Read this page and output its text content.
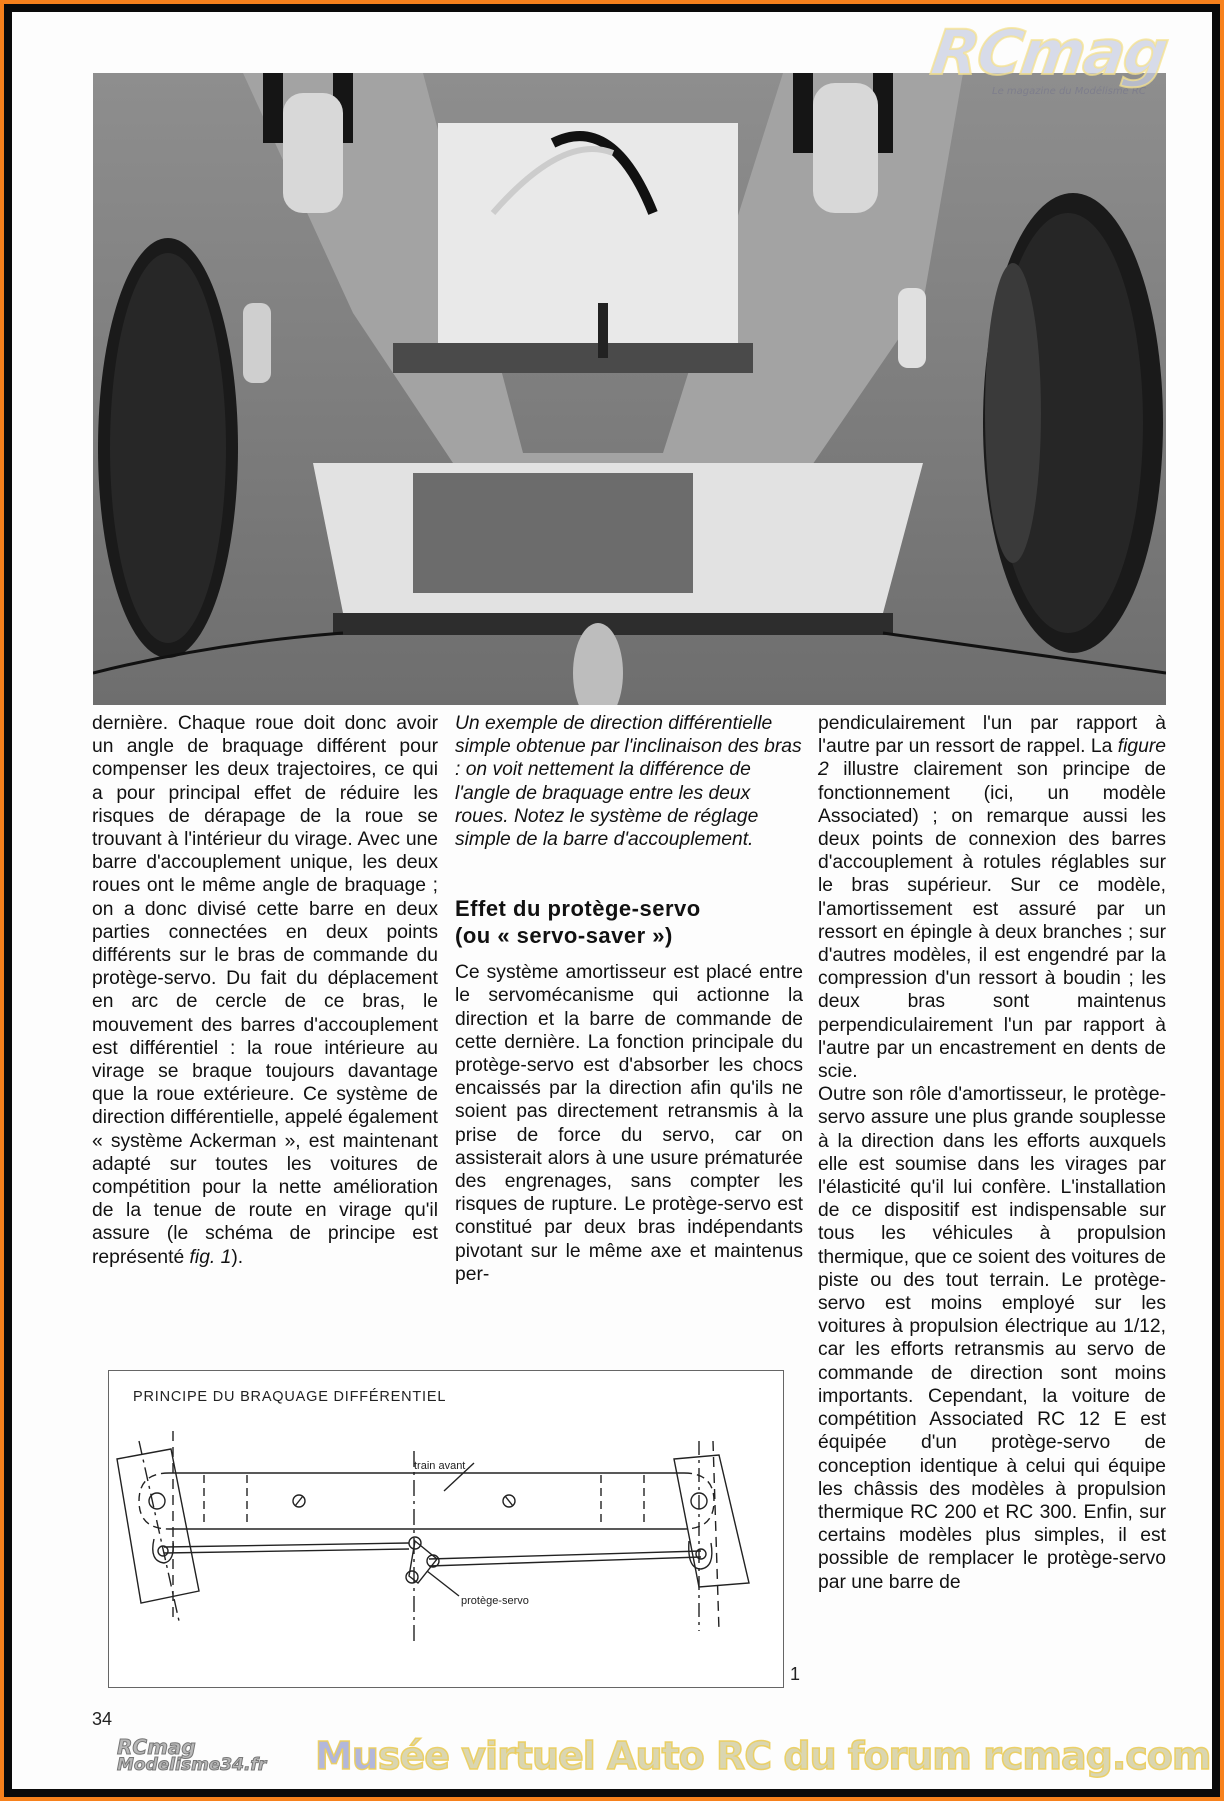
RCmag
Le magazine du Modélisme RC

dernière. Chaque roue doit donc avoir un angle de braquage différent pour compenser les deux trajectoires, ce qui a pour principal effet de réduire les risques de dérapage de la roue se trouvant à l'intérieur du virage. Avec une barre d'accouplement unique, les deux roues ont le même angle de braquage ; on a donc divisé cette barre en deux parties connectées en deux points différents sur le bras de commande du protège-servo. Du fait du déplacement en arc de cercle de ce bras, le mouvement des barres d'accouplement est différentiel : la roue intérieure au virage se braque toujours davantage que la roue extérieure. Ce système de direction différentielle, appelé également « système Ackerman », est maintenant adapté sur toutes les voitures de compétition pour la nette amélioration de la tenue de route en virage qu'il assure (le schéma de principe est représenté fig. 1).

Un exemple de direction différentielle simple obtenue par l'inclinaison des bras : on voit nettement la différence de l'angle de braquage entre les deux roues. Notez le système de réglage simple de la barre d'accouplement.

Effet du protège-servo
(ou « servo-saver »)

Ce système amortisseur est placé entre le servomécanisme qui actionne la direction et la barre de commande de cette dernière. La fonction principale du protège-servo est d'absorber les chocs encaissés par la direction afin qu'ils ne soient pas directement retransmis à la prise de force du servo, car on assisterait alors à une usure prématurée des engrenages, sans compter les risques de rupture. Le protège-servo est constitué par deux bras indépendants pivotant sur le même axe et maintenus per-

pendiculairement l'un par rapport à l'autre par un ressort de rappel. La figure 2 illustre clairement son principe de fonctionnement (ici, un modèle Associated) ; on remarque aussi les deux points de connexion des barres d'accouplement à rotules réglables sur le bras supérieur. Sur ce modèle, l'amortissement est assuré par un ressort en épingle à deux branches ; sur d'autres modèles, il est engendré par la compression d'un ressort à boudin ; les deux bras sont maintenus perpendiculairement l'un par rapport à l'autre par un encastrement en dents de scie.

Outre son rôle d'amortisseur, le protège-servo assure une plus grande souplesse à la direction dans les efforts auxquels elle est soumise dans les virages par l'élasticité qu'il lui confère. L'installation de ce dispositif est indispensable sur tous les véhicules à propulsion thermique, que ce soient des voitures de piste ou des tout terrain. Le protège-servo est moins employé sur les voitures à propulsion électrique au 1/12, car les efforts retransmis au servo de commande de direction sont moins importants. Cependant, la voiture de compétition Associated RC 12 E est équipée d'un protège-servo de conception identique à celui qui équipe les châssis des modèles à propulsion thermique RC 200 et RC 300. Enfin, sur certains modèles plus simples, il est possible de remplacer le protège-servo par une barre de

PRINCIPE DU BRAQUAGE DIFFÉRENTIEL
train avant
protège-servo
1
34
RCmag
Modelisme34.fr Musée virtuel Auto RC du forum rcmag.com
